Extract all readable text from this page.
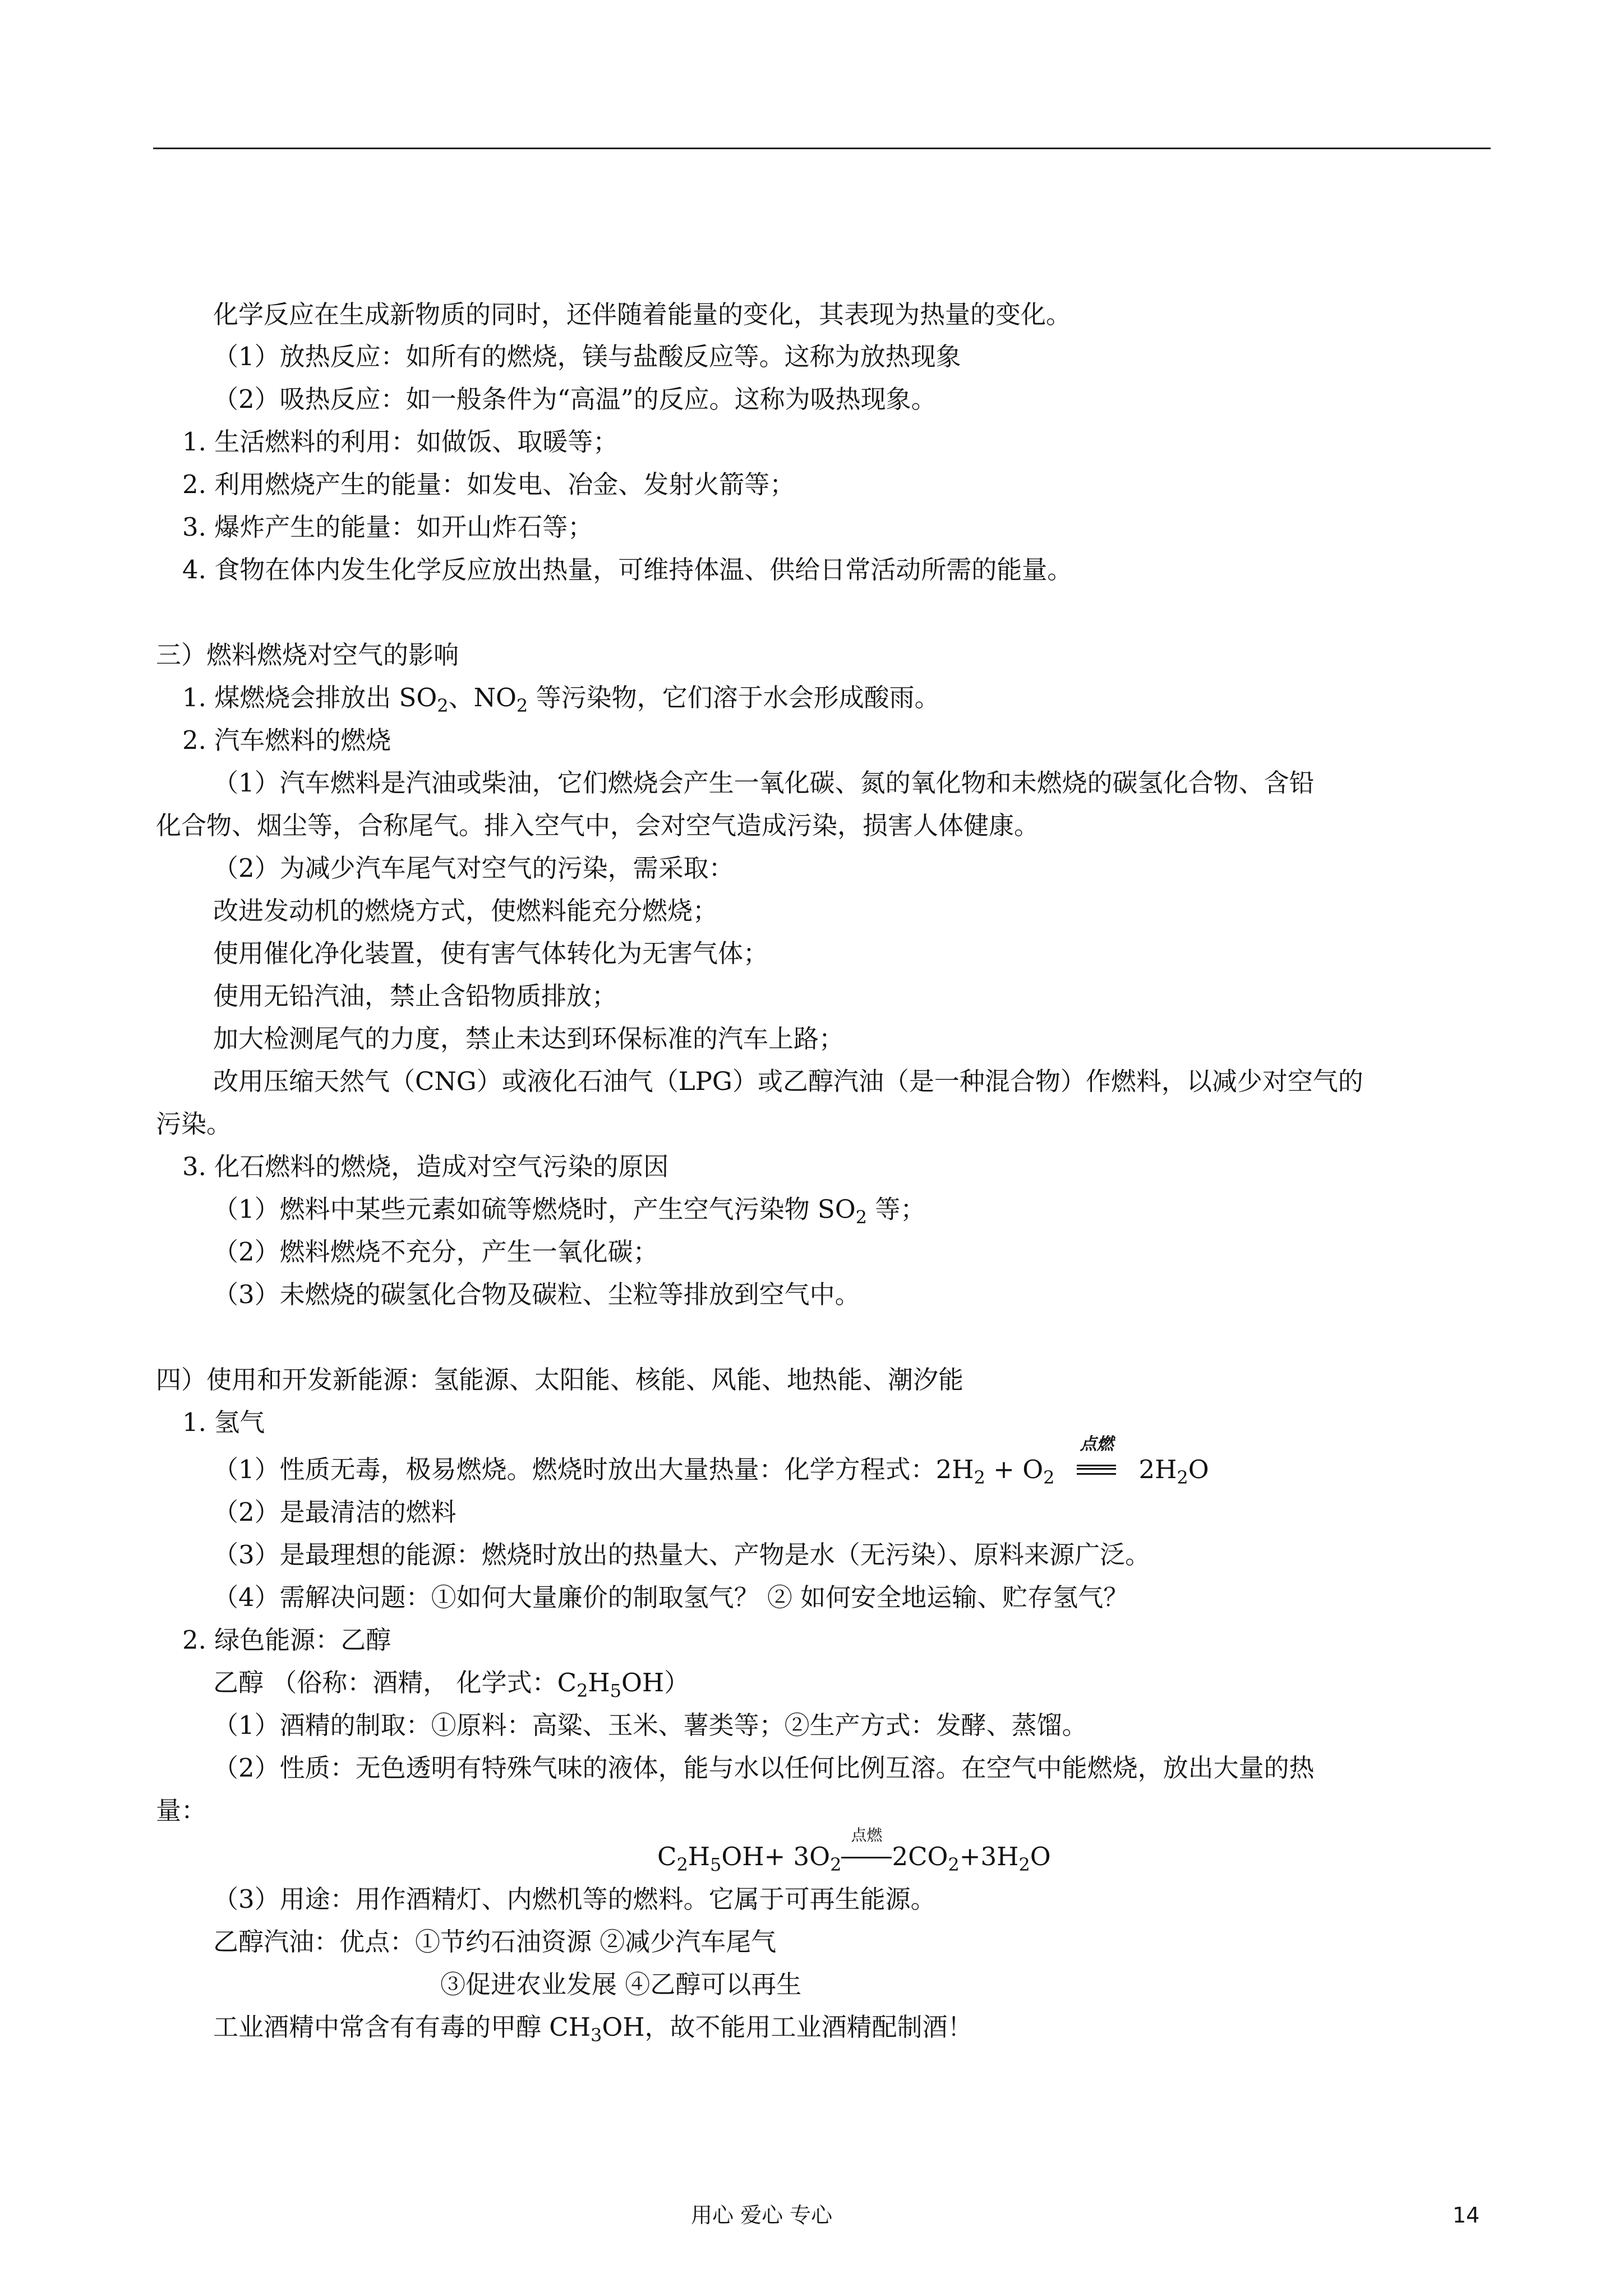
化学反应在生成新物质的同时，还伴随着能量的变化，其表现为热量的变化。
（1）放热反应：如所有的燃烧，镁与盐酸反应等。这称为放热现象
（2）吸热反应：如一般条件为“高温”的反应。这称为吸热现象。
1. 生活燃料的利用：如做饭、取暖等；
2. 利用燃烧产生的能量：如发电、冶金、发射火箭等；
3. 爆炸产生的能量：如开山炸石等；
4. 食物在体内发生化学反应放出热量，可维持体温、供给日常活动所需的能量。
三）燃料燃烧对空气的影响
1. 煤燃烧会排放出 $SO_2$、$NO_2$ 等污染物，它们溶于水会形成酸雨。
2. 汽车燃料的燃烧
（1）汽车燃料是汽油或柴油，它们燃烧会产生一氧化碳、氮的氧化物和未燃烧的碳氢化合物、含铅
化合物、烟尘等，合称尾气。排入空气中，会对空气造成污染，损害人体健康。
（2）为减少汽车尾气对空气的污染，需采取：
改进发动机的燃烧方式，使燃料能充分燃烧；
使用催化净化装置，使有害气体转化为无害气体；
使用无铅汽油，禁止含铅物质排放；
加大检测尾气的力度，禁止未达到环保标准的汽车上路；
改用压缩天然气（CNG）或液化石油气（LPG）或乙醇汽油（是一种混合物）作燃料，以减少对空气的
污染。
3. 化石燃料的燃烧，造成对空气污染的原因
（1）燃料中某些元素如硫等燃烧时，产生空气污染物 $SO_2$ 等；
（2）燃料燃烧不充分，产生一氧化碳；
（3）未燃烧的碳氢化合物及碳粒、尘粒等排放到空气中。
四）使用和开发新能源：氢能源、太阳能、核能、风能、地热能、潮汐能
1. 氢气
（1）性质无毒，极易燃烧。燃烧时放出大量热量：化学方程式：$2H_2 + O_2$
点燃
$2H_2O$
（2）是最清洁的燃料
（3）是最理想的能源：燃烧时放出的热量大、产物是水（无污染）、原料来源广泛。
（4）需解决问题：①如何大量廉价的制取氢气？ ② 如何安全地运输、贮存氢气？
2. 绿色能源：乙醇
乙醇 （俗称：酒精， 化学式：$C_2H_5OH$）
（1）酒精的制取：①原料：高粱、玉米、薯类等；②生产方式：发酵、蒸馏。
（2）性质：无色透明有特殊气味的液体，能与水以任何比例互溶。在空气中能燃烧，放出大量的热
量：
$C_2H_5OH+ 3O_2$
点燃
$2CO_2+3H_2O$
（3）用途：用作酒精灯、内燃机等的燃料。它属于可再生能源。
乙醇汽油：优点：①节约石油资源 ②减少汽车尾气
③促进农业发展 ④乙醇可以再生
工业酒精中常含有有毒的甲醇 $CH_3OH$，故不能用工业酒精配制酒！
用心 爱心 专心	14
